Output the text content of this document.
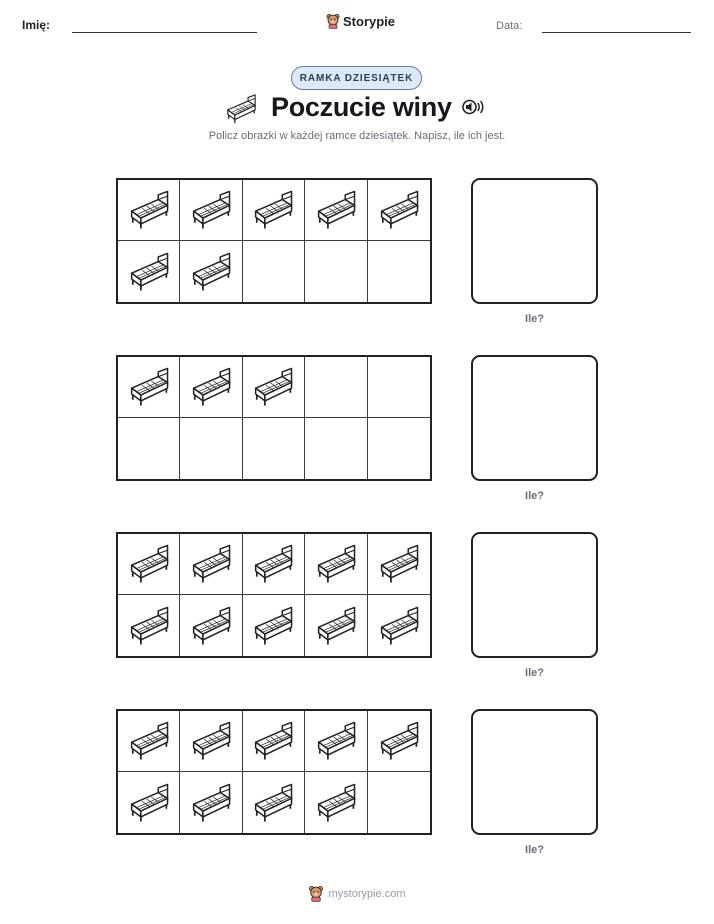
Imię:	Storypie	Data:
RAMKA DZIESIĄTEK
Poczucie winy
Policz obrazki w każdej ramce dziesiątek. Napisz, ile ich jest.
Ile?
Ile?
Ile?
Ile?
mystorypie.com
